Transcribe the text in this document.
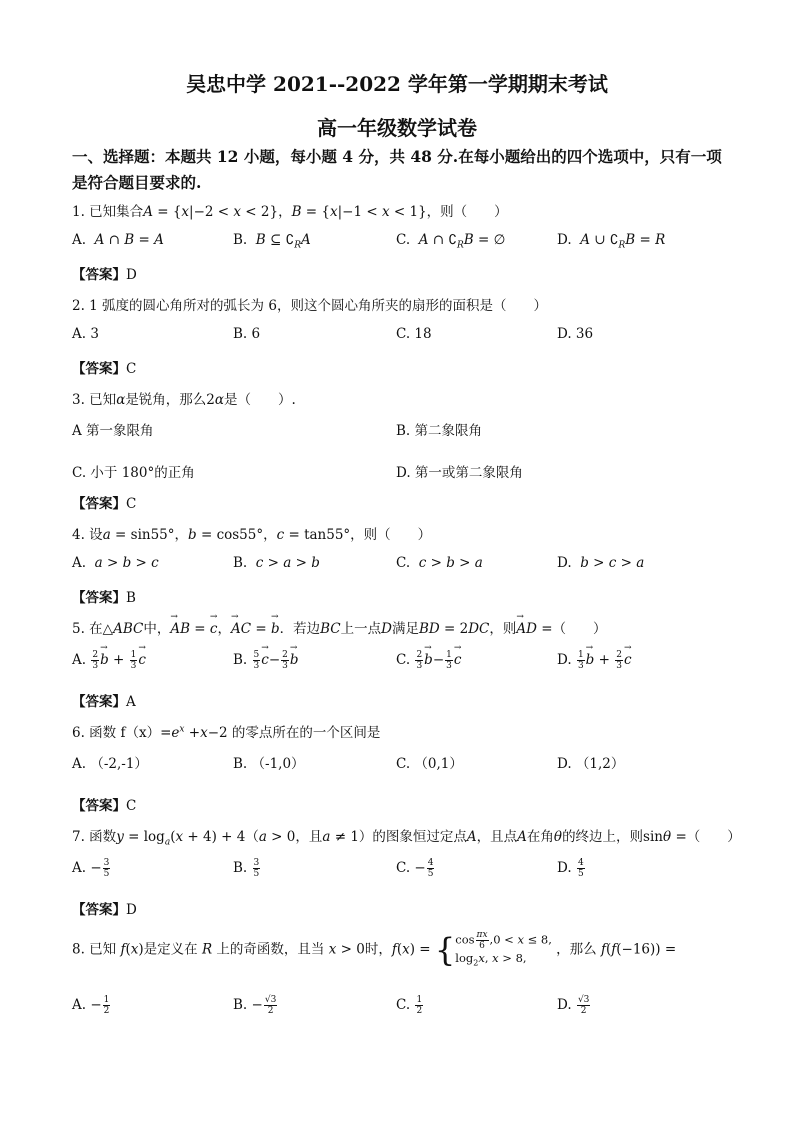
吴忠中学 2021--2022 学年第一学期期末考试
高一年级数学试卷
一、选择题：本题共 12 小题，每小题 4 分，共 48 分.在每小题给出的四个选项中，只有一项
是符合题目要求的.
1. 已知集合A = {x|−2 < x < 2}，B = {x|−1 < x < 1}，则（　　）
A.  A ∩ B = A	B.  B ⊆ $∁_RA$	C.  A ∩ $∁_RB$ = ∅	D.  A ∪ $∁_RB = R$
【答案】D
2. 1 弧度的圆心角所对的弧长为 6，则这个圆心角所夹的扇形的面积是（　　）
A. 3	B. 6	C. 18	D. 36
【答案】C
3. 已知α是锐角，那么2α是（　　）.
A 第一象限角	B. 第二象限角
C. 小于 180°的正角	D. 第一或第二象限角
【答案】C
4. 设a = sin55°，b = cos55°，c = tan55°，则（　　）
A.  a > b > c	B.  c > a > b	C.  c > b > a	D.  b > c > a
【答案】B
5. 在△ABC中，→ AB = → c，→ AC = → b．若边BC上一点D满足BD = 2DC，则→ AD =（　　）
A. $\frac{2}{3} \to b + \frac{1}{3} \to c$	B. $\frac{5}{3} \to c- \frac{2}{3} \to b$	C. $\frac{2}{3} \to b- \frac{1}{3} \to c$	D. $\frac{1}{3} \to b + \frac{2}{3} \to c$
【答案】A
6. 函数 $f(x)=e^x +x-2$ 的零点所在的一个区间是
A. （-2,-1）	B. （-1,0）	C. （0,1）	D. （1,2）
【答案】C
7. 函数$y = \log_a(x + 4) + 4(a > 0$，且a ≠ 1）的图象恒过定点A，且点A在角θ的终边上，则sinθ =（　　）
A. − $\frac{3}{5}$	B. $\frac{3}{5}$	C. − $\frac{4}{5}$	D. $\frac{4}{5}$
【答案】D
8. 已知 f(x)是定义在 R 上的奇函数，且当 x > 0时，$f(x) = \{\cos \frac{\pi x}{6} ,0 < x \le 8$,
$\log_2x$, x > 8, ，那么 f(f(−16)) =
A. − $\frac{1}{2}$	B. − $\frac{√3}{2}$	C. $\frac{1}{2}$	D. $\frac{√3}{2}$
